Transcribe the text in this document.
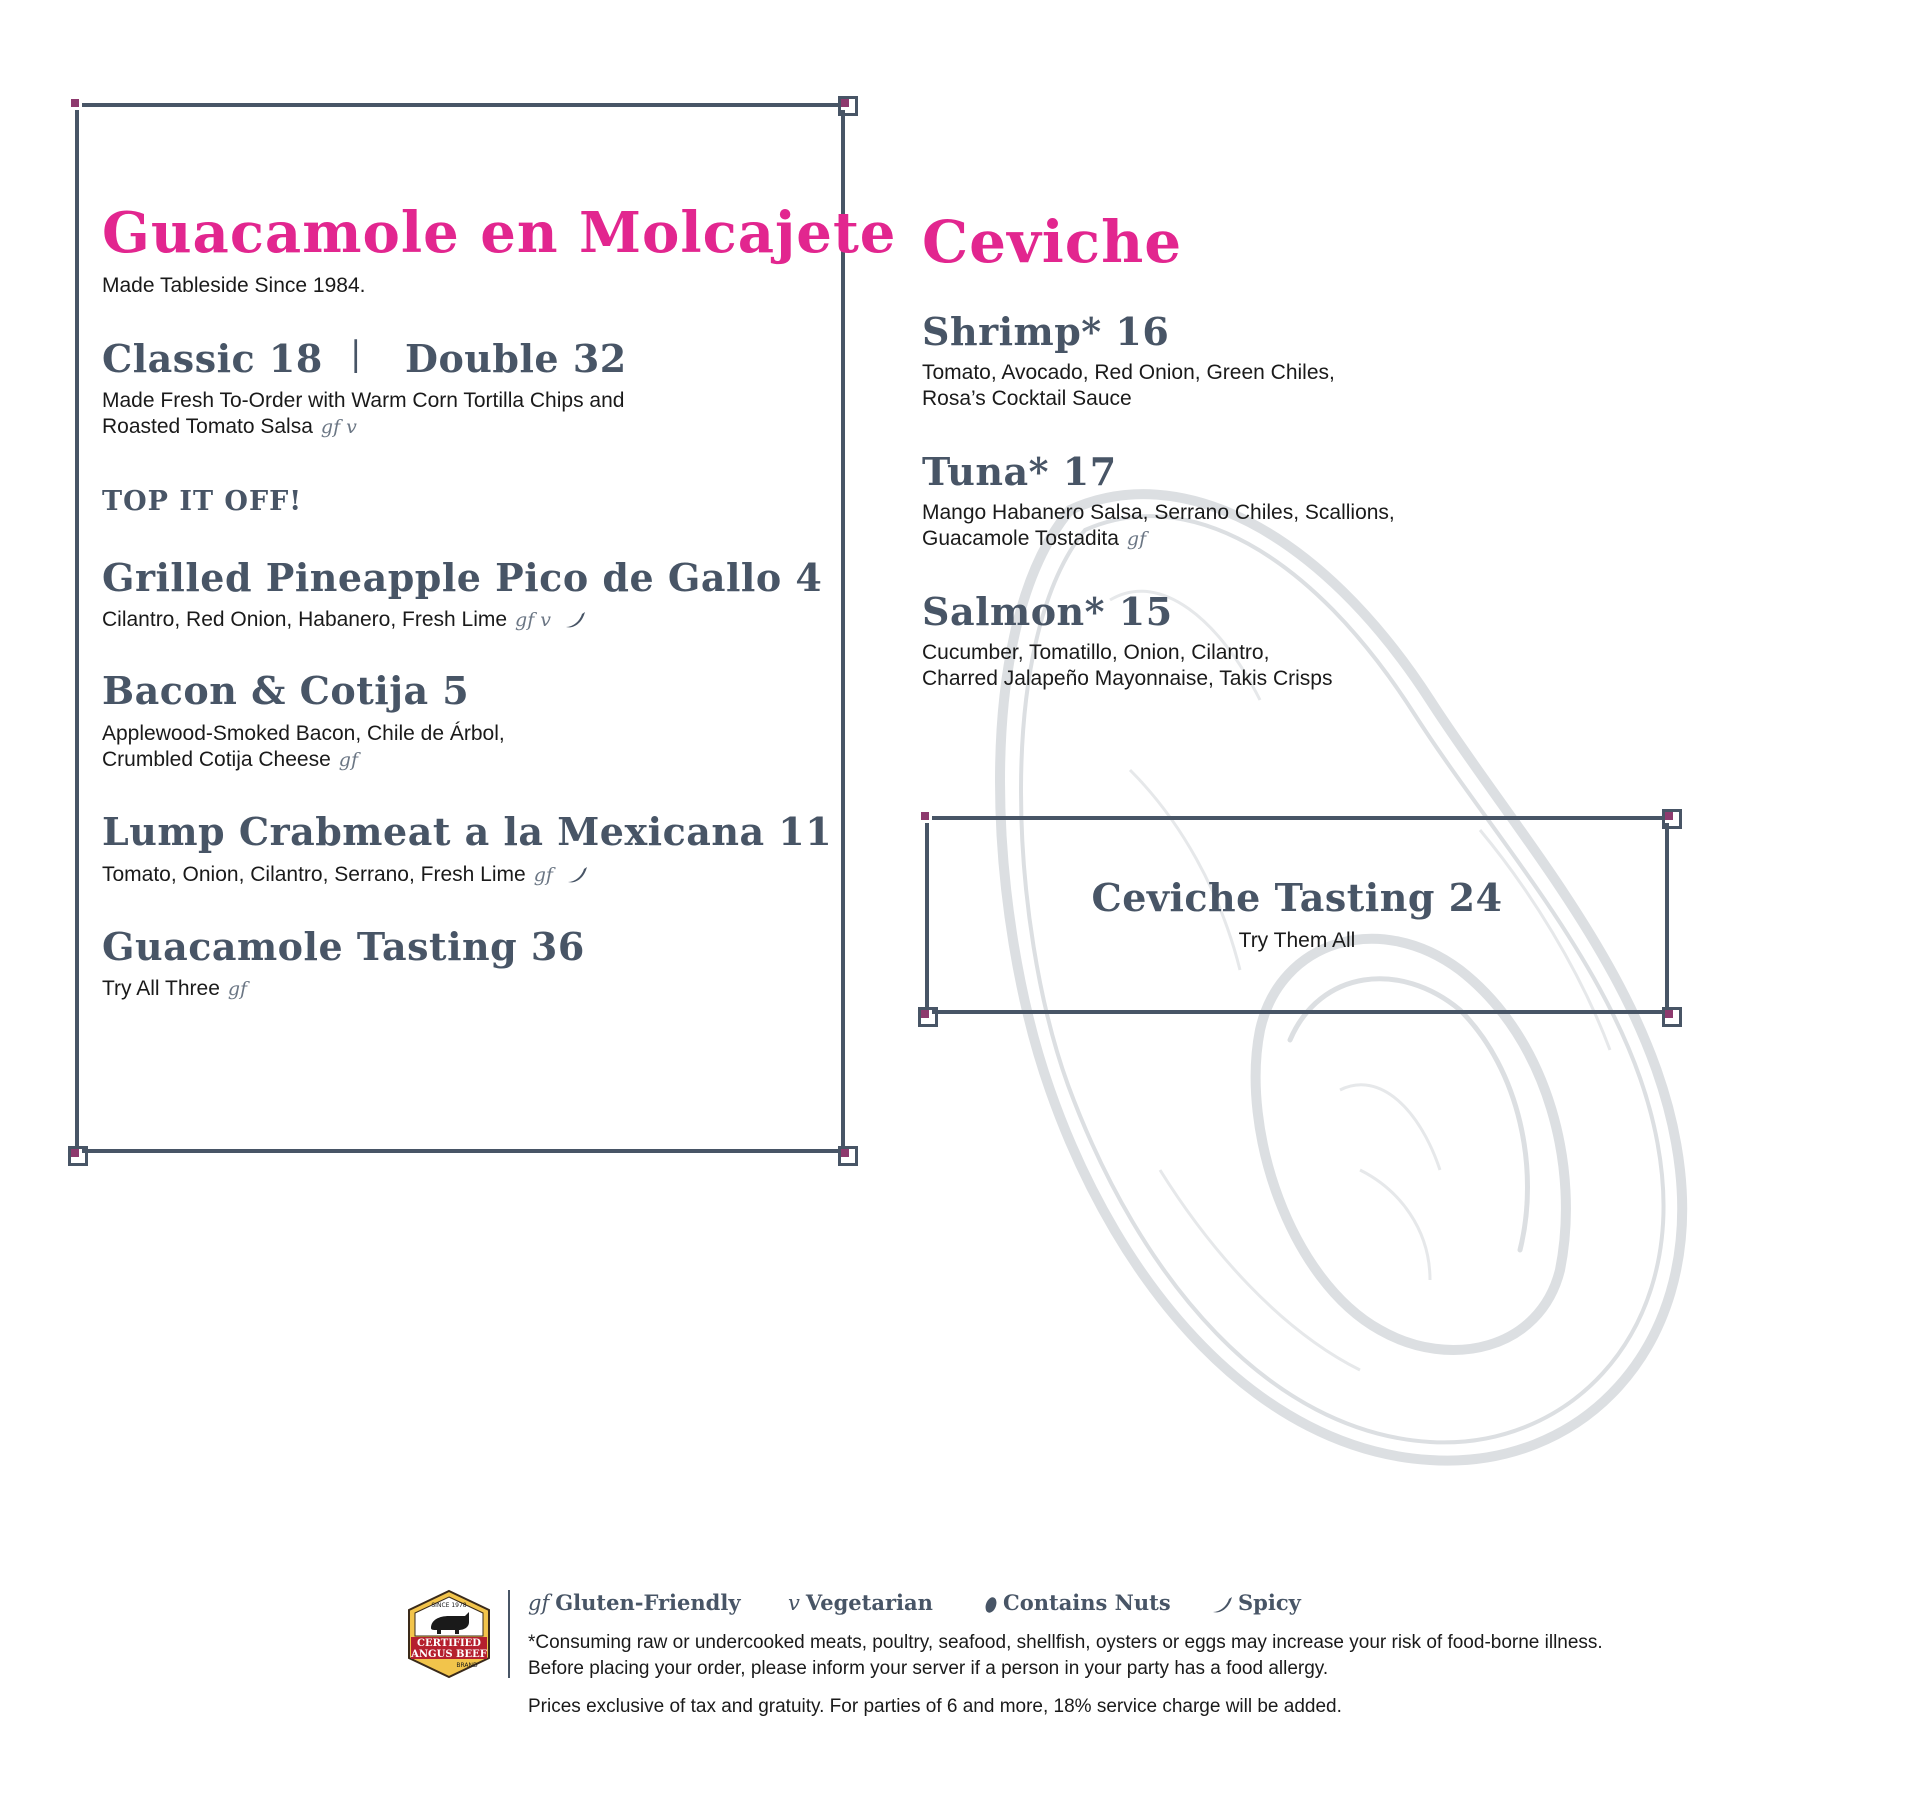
Guacamole en Molcajete
Made Tableside Since 1984.
Classic 18 | Double 32
Made Fresh To-Order with Warm Corn Tortilla Chips and
Roasted Tomato Salsa gf v
TOP IT OFF!
Grilled Pineapple Pico de Gallo 4
Cilantro, Red Onion, Habanero, Fresh Lime gf v
Bacon & Cotija 5
Applewood-Smoked Bacon, Chile de Árbol,
Crumbled Cotija Cheese gf
Lump Crabmeat a la Mexicana 11
Tomato, Onion, Cilantro, Serrano, Fresh Lime gf
Guacamole Tasting 36
Try All Three gf
Ceviche
Shrimp* 16
Tomato, Avocado, Red Onion, Green Chiles,
Rosa’s Cocktail Sauce
Tuna* 17
Mango Habanero Salsa, Serrano Chiles, Scallions,
Guacamole Tostadita gf
Salmon* 15
Cucumber, Tomatillo, Onion, Cilantro,
Charred Jalapeño Mayonnaise, Takis Crisps
Ceviche Tasting 24
Try Them All
CERTIFIED
ANGUS BEEF
SINCE 1978
BRAND
gf Gluten-Friendly v Vegetarian	Contains Nuts	Spicy
*Consuming raw or undercooked meats, poultry, seafood, shellfish, oysters or eggs may increase your risk of food-borne illness.
Before placing your order, please inform your server if a person in your party has a food allergy.
Prices exclusive of tax and gratuity. For parties of 6 and more, 18% service charge will be added.
